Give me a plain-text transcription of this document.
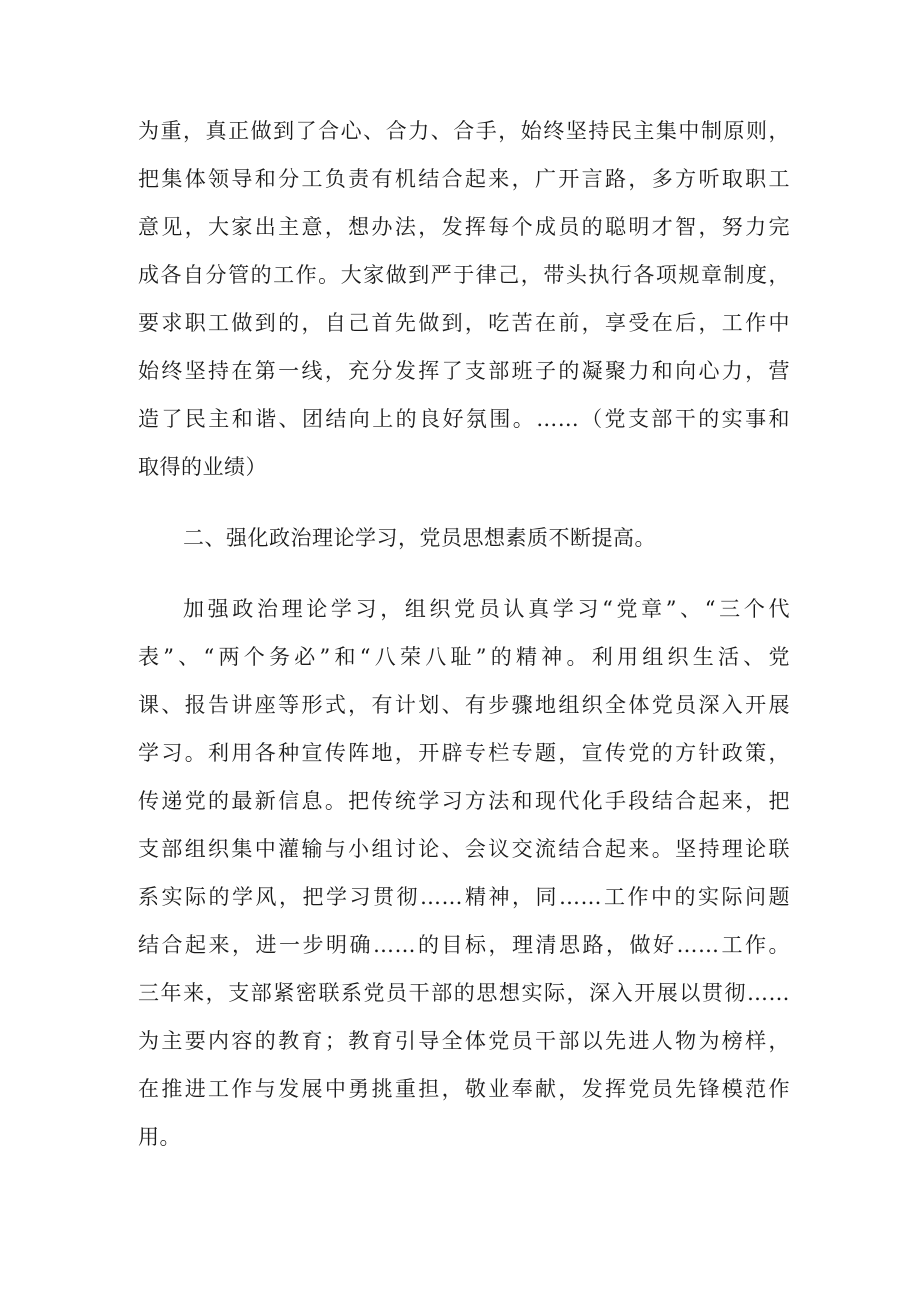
为重，真正做到了合心、合力、合手，始终坚持民主集中制原则，
把集体领导和分工负责有机结合起来，广开言路，多方听取职工
意见，大家出主意，想办法，发挥每个成员的聪明才智，努力完
成各自分管的工作。大家做到严于律己，带头执行各项规章制度，
要求职工做到的，自己首先做到，吃苦在前，享受在后，工作中
始终坚持在第一线，充分发挥了支部班子的凝聚力和向心力，营
造了民主和谐、团结向上的良好氛围。……（党支部干的实事和
取得的业绩）
二、强化政治理论学习，党员思想素质不断提高。
加强政治理论学习，组织党员认真学习“党章”、“三个代
表”、“两个务必”和“八荣八耻”的精神。利用组织生活、党
课、报告讲座等形式，有计划、有步骤地组织全体党员深入开展
学习。利用各种宣传阵地，开辟专栏专题，宣传党的方针政策，
传递党的最新信息。把传统学习方法和现代化手段结合起来，把
支部组织集中灌输与小组讨论、会议交流结合起来。坚持理论联
系实际的学风，把学习贯彻……精神，同……工作中的实际问题
结合起来，进一步明确……的目标，理清思路，做好……工作。
三年来，支部紧密联系党员干部的思想实际，深入开展以贯彻……
为主要内容的教育；教育引导全体党员干部以先进人物为榜样，
在推进工作与发展中勇挑重担，敬业奉献，发挥党员先锋模范作
用。
